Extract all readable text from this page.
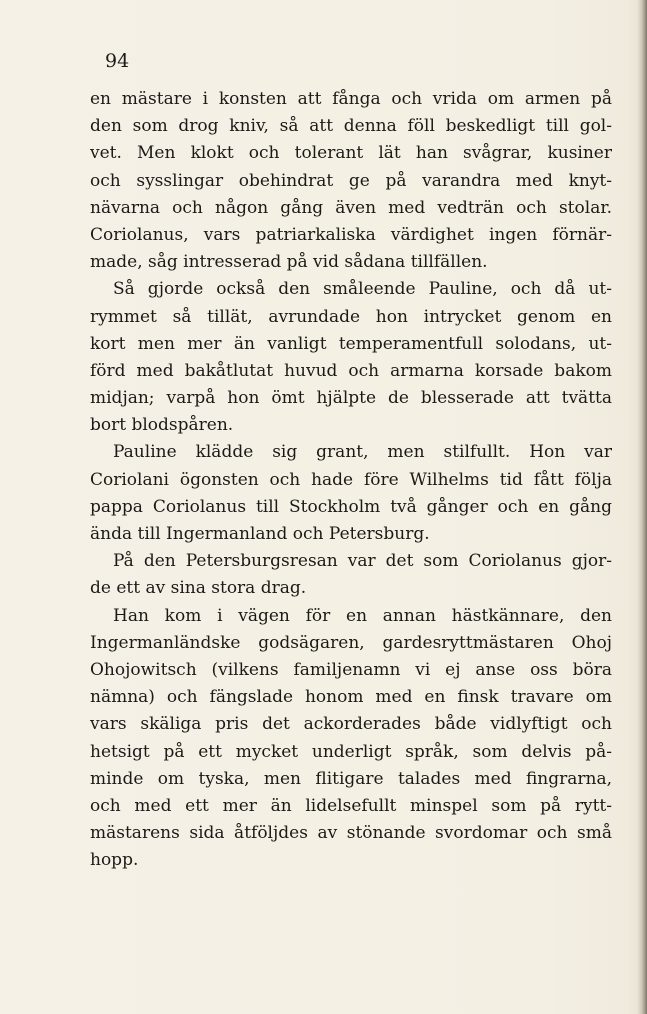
94
en mästare i konsten att fånga och vrida om armen på
den som drog kniv, så att denna föll beskedligt till gol-
vet. Men klokt och tolerant lät han svågrar, kusiner
och sysslingar obehindrat ge på varandra med knyt-
nävarna och någon gång även med vedträn och stolar.
Coriolanus, vars patriarkaliska värdighet ingen förnär-
made, såg intresserad på vid sådana tillfällen.
Så gjorde också den småleende Pauline, och då ut-
rymmet så tillät, avrundade hon intrycket genom en
kort men mer än vanligt temperamentfull solodans, ut-
förd med bakåtlutat huvud och armarna korsade bakom
midjan; varpå hon ömt hjälpte de blesserade att tvätta
bort blodspåren.
Pauline klädde sig grant, men stilfullt. Hon var
Coriolani ögonsten och hade före Wilhelms tid fått följa
pappa Coriolanus till Stockholm två gånger och en gång
ända till Ingermanland och Petersburg.
På den Petersburgsresan var det som Coriolanus gjor-
de ett av sina stora drag.
Han kom i vägen för en annan hästkännare, den
Ingermanländske godsägaren, gardesryttmästaren Ohoj
Ohojowitsch (vilkens familjenamn vi ej anse oss böra
nämna) och fängslade honom med en finsk travare om
vars skäliga pris det ackorderades både vidlyftigt och
hetsigt på ett mycket underligt språk, som delvis på-
minde om tyska, men flitigare talades med fingrarna,
och med ett mer än lidelsefullt minspel som på rytt-
mästarens sida åtföljdes av stönande svordomar och små
hopp.
